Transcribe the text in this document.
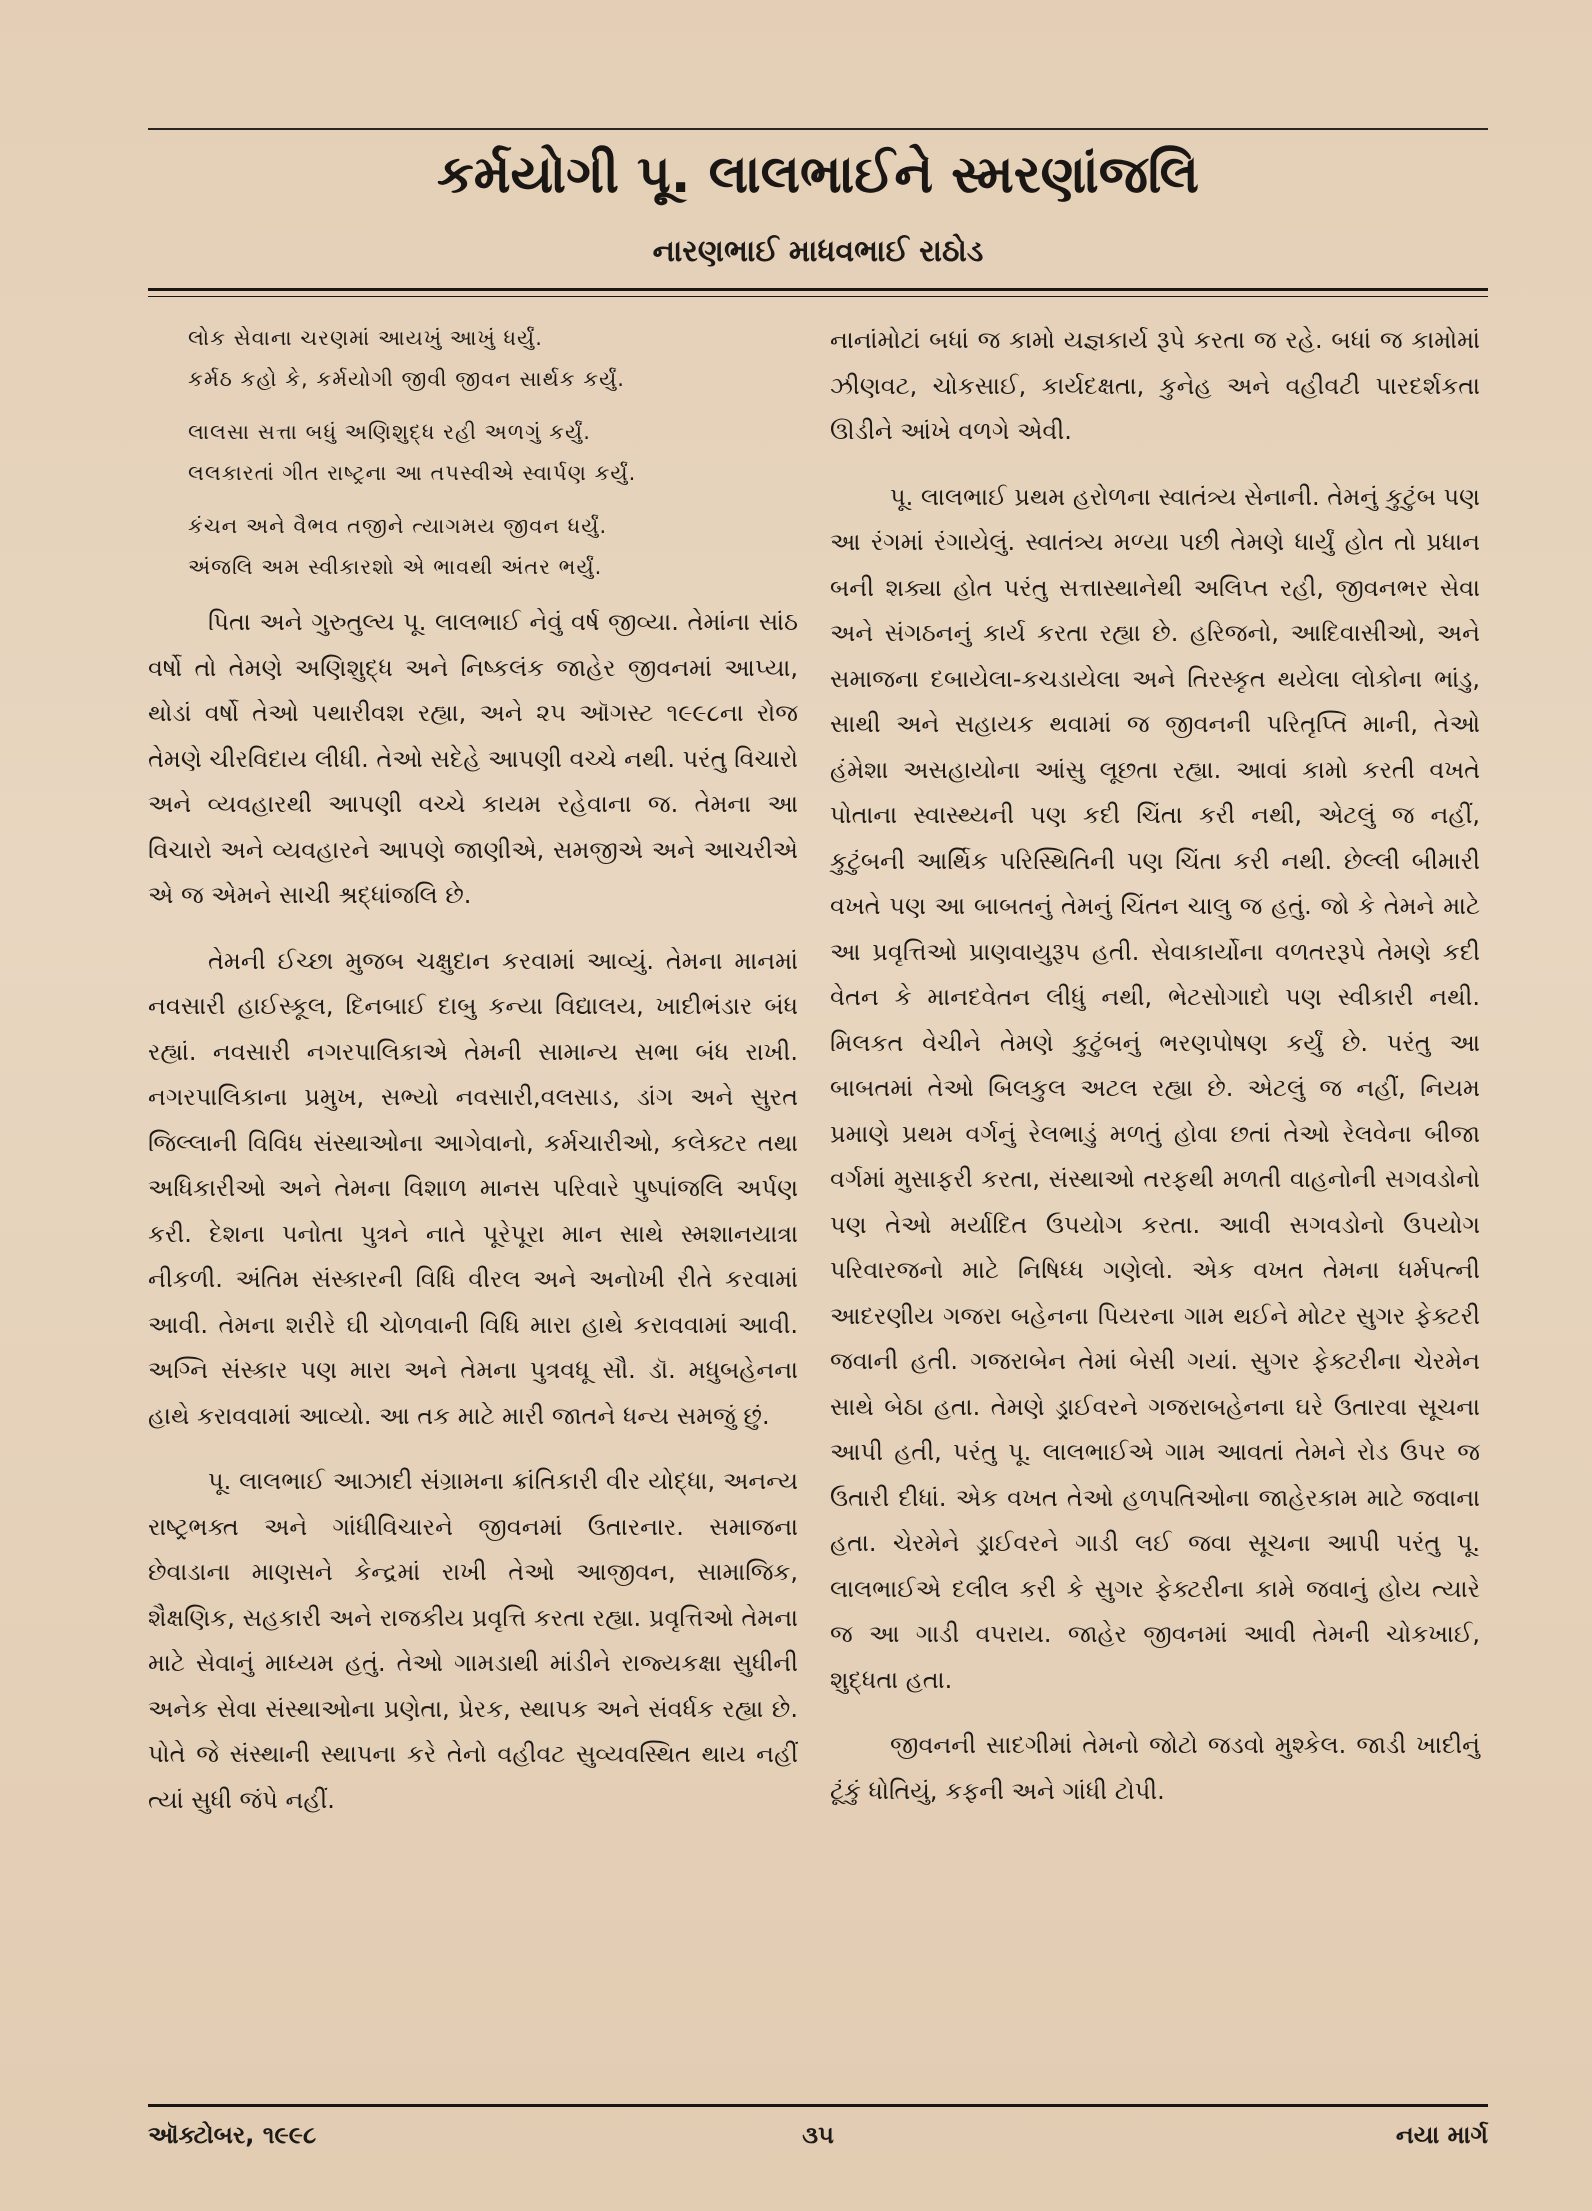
કર્મયોગી પૂ. લાલભાઈને સ્મરણાંજલિ
નારણભાઈ માધવભાઈ રાઠોડ
લોક સેવાના ચરણમાં આયખું આખું ધર્યું.
કર્મઠ કહો કે, કર્મયોગી જીવી જીવન સાર્થક કર્યું.
લાલસા સત્તા બધું અણિશુદ્ધ રહી અળગું કર્યું.
લલકારતાં ગીત રાષ્ટ્રના આ તપસ્વીએ સ્વાર્પણ કર્યું.
કંચન અને વૈભવ તજીને ત્યાગમય જીવન ધર્યું.
અંજલિ અમ સ્વીકારશો એ ભાવથી અંતર ભર્યું.

પિતા અને ગુરુતુલ્ય પૂ. લાલભાઈ નેવું વર્ષ જીવ્યા. તેમાંના સાંઠ વર્ષો તો તેમણે અણિશુદ્ધ અને નિષ્કલંક જાહેર જીવનમાં આપ્યા, થોડાં વર્ષો તેઓ પથારીવશ રહ્યા, અને ૨૫ ઑગસ્ટ ૧૯૯૮ના રોજ તેમણે ચીરવિદાય લીધી. તેઓ સદેહે આપણી વચ્ચે નથી. પરંતુ વિચારો અને વ્યવહારથી આપણી વચ્ચે કાયમ રહેવાના જ. તેમના આ વિચારો અને વ્યવહારને આપણે જાણીએ, સમજીએ અને આચરીએ એ જ એમને સાચી શ્રદ્ધાંજલિ છે.

તેમની ઈચ્છા મુજબ ચક્ષુદાન કરવામાં આવ્યું. તેમના માનમાં નવસારી હાઈસ્કૂલ, દિનબાઈ દાબુ કન્યા વિદ્યાલય, ખાદીભંડાર બંધ રહ્યાં. નવસારી નગરપાલિકાએ તેમની સામાન્ય સભા બંધ રાખી. નગરપાલિકાના પ્રમુખ, સભ્યો નવસારી,વલસાડ, ડાંગ અને સુરત જિલ્લાની વિવિધ સંસ્થાઓના આગેવાનો, કર્મચારીઓ, કલેક્ટર તથા અધિકારીઓ અને તેમના વિશાળ માનસ પરિવારે પુષ્પાંજલિ અર્પણ કરી. દેશના પનોતા પુત્રને નાતે પૂરેપૂરા માન સાથે સ્મશાનયાત્રા નીકળી. અંતિમ સંસ્કારની વિધિ વીરલ અને અનોખી રીતે કરવામાં આવી. તેમના શરીરે ઘી ચોળવાની વિધિ મારા હાથે કરાવવામાં આવી. અગ્નિ સંસ્કાર પણ મારા અને તેમના પુત્રવધૂ સૌ. ડૉ. મધુબહેનના હાથે કરાવવામાં આવ્યો. આ તક માટે મારી જાતને ધન્ય સમજું છું.

પૂ. લાલભાઈ આઝાદી સંગ્રામના ક્રાંતિકારી વીર યોદ્ધા, અનન્ય રાષ્ટ્રભક્ત અને ગાંધીવિચારને જીવનમાં ઉતારનાર. સમાજના છેવાડાના માણસને કેન્દ્રમાં રાખી તેઓ આજીવન, સામાજિક, શૈક્ષણિક, સહકારી અને રાજકીય પ્રવૃત્તિ કરતા રહ્યા. પ્રવૃત્તિઓ તેમના માટે સેવાનું માધ્યમ હતું. તેઓ ગામડાથી માંડીને રાજ્યકક્ષા સુધીની અનેક સેવા સંસ્થાઓના પ્રણેતા, પ્રેરક, સ્થાપક અને સંવર્ધક રહ્યા છે. પોતે જે સંસ્થાની સ્થાપના કરે તેનો વહીવટ સુવ્યવસ્થિત થાય નહીં ત્યાં સુધી જંપે નહીં.

નાનાંમોટાં બધાં જ કામો યજ્ઞકાર્ય રૂપે કરતા જ રહે. બધાં જ કામોમાં ઝીણવટ, ચોકસાઈ, કાર્યદક્ષતા, કુનેહ અને વહીવટી પારદર્શકતા ઊડીને આંખે વળગે એવી.

પૂ. લાલભાઈ પ્રથમ હરોળના સ્વાતંત્ર્ય સેનાની. તેમનું કુટુંબ પણ આ રંગમાં રંગાયેલું. સ્વાતંત્ર્ય મળ્યા પછી તેમણે ધાર્યું હોત તો પ્રધાન બની શક્યા હોત પરંતુ સત્તાસ્થાનેથી અલિપ્ત રહી, જીવનભર સેવા અને સંગઠનનું કાર્ય કરતા રહ્યા છે. હરિજનો, આદિવાસીઓ, અને સમાજના દબાયેલા-કચડાયેલા અને તિરસ્કૃત થયેલા લોકોના ભાંડુ, સાથી અને સહાયક થવામાં જ જીવનની પરિતૃપ્તિ માની, તેઓ હંમેશા અસહાયોના આંસુ લૂછતા રહ્યા. આવાં કામો કરતી વખતે પોતાના સ્વાસ્થ્યની પણ કદી ચિંતા કરી નથી, એટલું જ નહીં, કુટુંબની આર્થિક પરિસ્થિતિની પણ ચિંતા કરી નથી. છેલ્લી બીમારી વખતે પણ આ બાબતનું તેમનું ચિંતન ચાલુ જ હતું. જો કે તેમને માટે આ પ્રવૃત્તિઓ પ્રાણવાયુરૂપ હતી. સેવાકાર્યોના વળતરરૂપે તેમણે કદી વેતન કે માનદવેતન લીધું નથી, ભેટસોગાદો પણ સ્વીકારી નથી. મિલકત વેચીને તેમણે કુટુંબનું ભરણપોષણ કર્યું છે. પરંતુ આ બાબતમાં તેઓ બિલકુલ અટલ રહ્યા છે. એટલું જ નહીં, નિયમ પ્રમાણે પ્રથમ વર્ગનું રેલભાડું મળતું હોવા છતાં તેઓ રેલવેના બીજા વર્ગમાં મુસાફરી કરતા, સંસ્થાઓ તરફથી મળતી વાહનોની સગવડોનો પણ તેઓ મર્યાદિત ઉપયોગ કરતા. આવી સગવડોનો ઉપયોગ પરિવારજનો માટે નિષિધ્ધ ગણેલો. એક વખત તેમના ધર્મપત્ની આદરણીય ગજરા બહેનના પિયરના ગામ થઈને મોટર સુગર ફેક્ટરી જવાની હતી. ગજરાબેન તેમાં બેસી ગયાં. સુગર ફેક્ટરીના ચેરમેન સાથે બેઠા હતા. તેમણે ડ્રાઈવરને ગજરાબહેનના ઘરે ઉતારવા સૂચના આપી હતી, પરંતુ પૂ. લાલભાઈએ ગામ આવતાં તેમને રોડ ઉપર જ ઉતારી દીધાં. એક વખત તેઓ હળપતિઓના જાહેરકામ માટે જવાના હતા. ચેરમેને ડ્રાઈવરને ગાડી લઈ જવા સૂચના આપી પરંતુ પૂ. લાલભાઈએ દલીલ કરી કે સુગર ફેક્ટરીના કામે જવાનું હોય ત્યારે જ આ ગાડી વપરાય. જાહેર જીવનમાં આવી તેમની ચોકખાઈ, શુદ્ધતા હતા.

જીવનની સાદગીમાં તેમનો જોટો જડવો મુશ્કેલ. જાડી ખાદીનું ટૂંકું ધોતિયું, કફની અને ગાંધી ટોપી.

ઑક્ટોબર, ૧૯૯૮	૩૫	નયા માર્ગ
